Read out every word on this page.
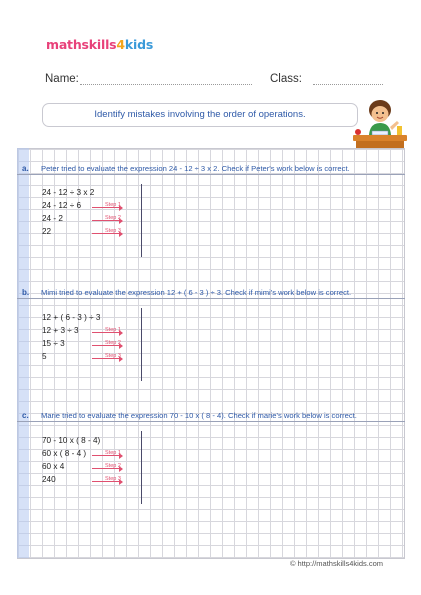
mathskills4kids
Name:	Class:
Identify mistakes involving the order of operations.
a. Peter tried to evaluate the expression 24 - 12 ÷ 3 x 2. Check if Peter's work below is correct.
24 - 12 ÷ 3 x 2
24 - 12 ÷ 6
24 - 2
22
Step 1
Step 2
Step 3
b. Mimi tried to evaluate the expression 12 + ( 6 - 3 ) ÷ 3. Check if mimi's work below is correct.
12 + ( 6 - 3 ) ÷ 3
12 + 3 ÷ 3
15 ÷ 3
5
Step 1
Step 2
Step 3
c. Marie tried to evaluate the expression 70 - 10 x ( 8 - 4). Check if marie's work below is correct.
70 - 10 x ( 8 - 4)
60 x ( 8 - 4 )
60 x 4
240
Step 1
Step 2
Step 3
© http://mathskills4kids.com
